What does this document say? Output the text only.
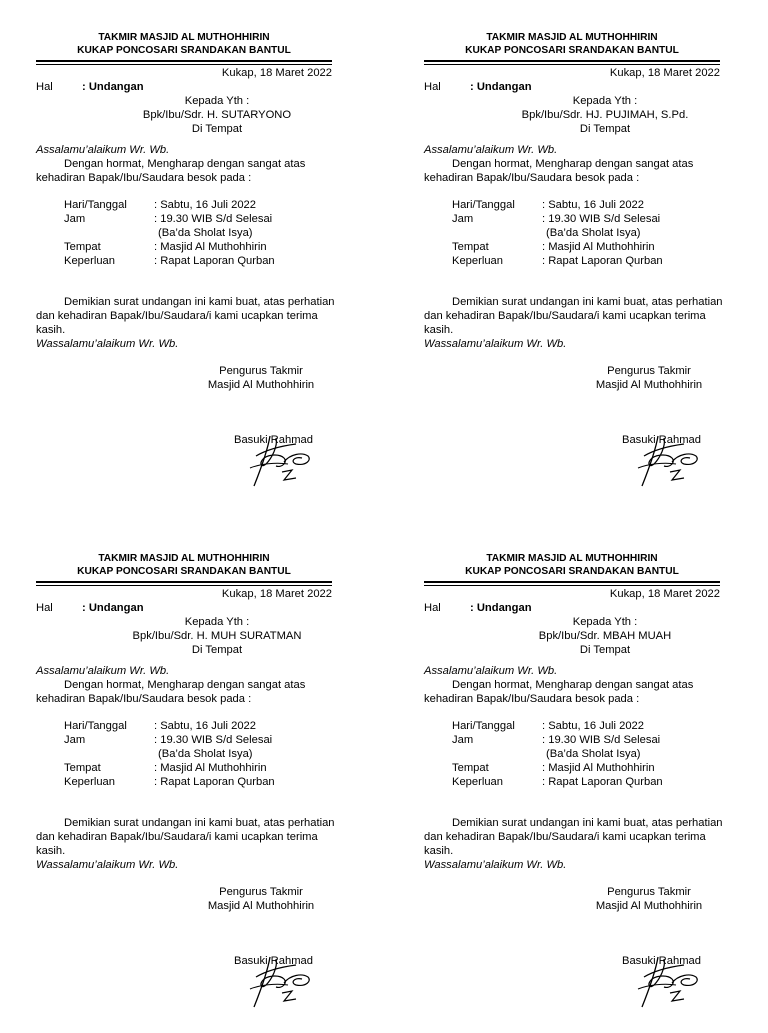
TAKMIR MASJID AL MUTHOHHIRIN
KUKAP PONCOSARI SRANDAKAN BANTUL
Kukap, 18 Maret 2022
Hal	: Undangan
Kepada Yth :
Bpk/Ibu/Sdr. H. SUTARYONO
Di Tempat
Assalamu’alaikum Wr. Wb.
Dengan hormat, Mengharap dengan sangat atas
kehadiran Bapak/Ibu/Saudara besok pada :
Hari/Tanggal : Sabtu, 16 Juli 2022
Jam	: 19.30 WIB S/d Selesai
(Ba’da Sholat Isya)
Tempat	: Masjid Al Muthohhirin
Keperluan	: Rapat Laporan Qurban
Demikian surat undangan ini kami buat, atas perhatian
dan kehadiran Bapak/Ibu/Saudara/i kami ucapkan terima
kasih.
Wassalamu’alaikum Wr. Wb.
Pengurus Takmir
Masjid Al Muthohhirin
Basuki Rahmad
TAKMIR MASJID AL MUTHOHHIRIN
KUKAP PONCOSARI SRANDAKAN BANTUL
Kukap, 18 Maret 2022
Hal	: Undangan
Kepada Yth :
Bpk/Ibu/Sdr. HJ. PUJIMAH, S.Pd.
Di Tempat
Assalamu’alaikum Wr. Wb.
Dengan hormat, Mengharap dengan sangat atas
kehadiran Bapak/Ibu/Saudara besok pada :
Hari/Tanggal : Sabtu, 16 Juli 2022
Jam	: 19.30 WIB S/d Selesai
(Ba’da Sholat Isya)
Tempat	: Masjid Al Muthohhirin
Keperluan	: Rapat Laporan Qurban
Demikian surat undangan ini kami buat, atas perhatian
dan kehadiran Bapak/Ibu/Saudara/i kami ucapkan terima
kasih.
Wassalamu’alaikum Wr. Wb.
Pengurus Takmir
Masjid Al Muthohhirin
Basuki Rahmad
TAKMIR MASJID AL MUTHOHHIRIN
KUKAP PONCOSARI SRANDAKAN BANTUL
Kukap, 18 Maret 2022
Hal	: Undangan
Kepada Yth :
Bpk/Ibu/Sdr. H. MUH SURATMAN
Di Tempat
Assalamu’alaikum Wr. Wb.
Dengan hormat, Mengharap dengan sangat atas
kehadiran Bapak/Ibu/Saudara besok pada :
Hari/Tanggal : Sabtu, 16 Juli 2022
Jam	: 19.30 WIB S/d Selesai
(Ba’da Sholat Isya)
Tempat	: Masjid Al Muthohhirin
Keperluan	: Rapat Laporan Qurban
Demikian surat undangan ini kami buat, atas perhatian
dan kehadiran Bapak/Ibu/Saudara/i kami ucapkan terima
kasih.
Wassalamu’alaikum Wr. Wb.
Pengurus Takmir
Masjid Al Muthohhirin
Basuki Rahmad
TAKMIR MASJID AL MUTHOHHIRIN
KUKAP PONCOSARI SRANDAKAN BANTUL
Kukap, 18 Maret 2022
Hal	: Undangan
Kepada Yth :
Bpk/Ibu/Sdr. MBAH MUAH
Di Tempat
Assalamu’alaikum Wr. Wb.
Dengan hormat, Mengharap dengan sangat atas
kehadiran Bapak/Ibu/Saudara besok pada :
Hari/Tanggal : Sabtu, 16 Juli 2022
Jam	: 19.30 WIB S/d Selesai
(Ba’da Sholat Isya)
Tempat	: Masjid Al Muthohhirin
Keperluan	: Rapat Laporan Qurban
Demikian surat undangan ini kami buat, atas perhatian
dan kehadiran Bapak/Ibu/Saudara/i kami ucapkan terima
kasih.
Wassalamu’alaikum Wr. Wb.
Pengurus Takmir
Masjid Al Muthohhirin
Basuki Rahmad
